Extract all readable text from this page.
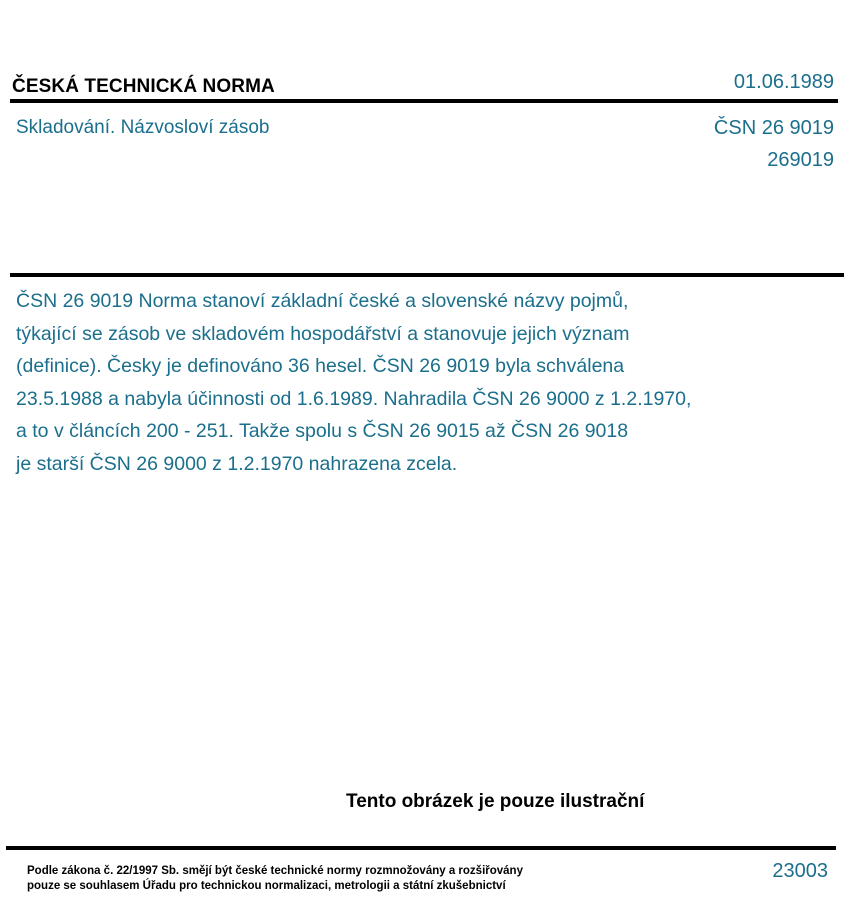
ČESKÁ TECHNICKÁ NORMA	01.06.1989
Skladování. Názvosloví zásob	ČSN 26 9019
269019
ČSN 26 9019 Norma stanoví základní české a slovenské názvy pojmů,
týkající se zásob ve skladovém hospodářství a stanovuje jejich význam
(definice). Česky je definováno 36 hesel. ČSN 26 9019 byla schválena
23.5.1988 a nabyla účinnosti od 1.6.1989. Nahradila ČSN 26 9000 z 1.2.1970,
a to v článcích 200 - 251. Takže spolu s ČSN 26 9015 až ČSN 26 9018
je starší ČSN 26 9000 z 1.2.1970 nahrazena zcela.
Tento obrázek je pouze ilustrační
Podle zákona č. 22/1997 Sb. smějí být české technické normy rozmnožovány a rozšiřovány
pouze se souhlasem Úřadu pro technickou normalizaci, metrologii a státní zkušebnictví
23003
